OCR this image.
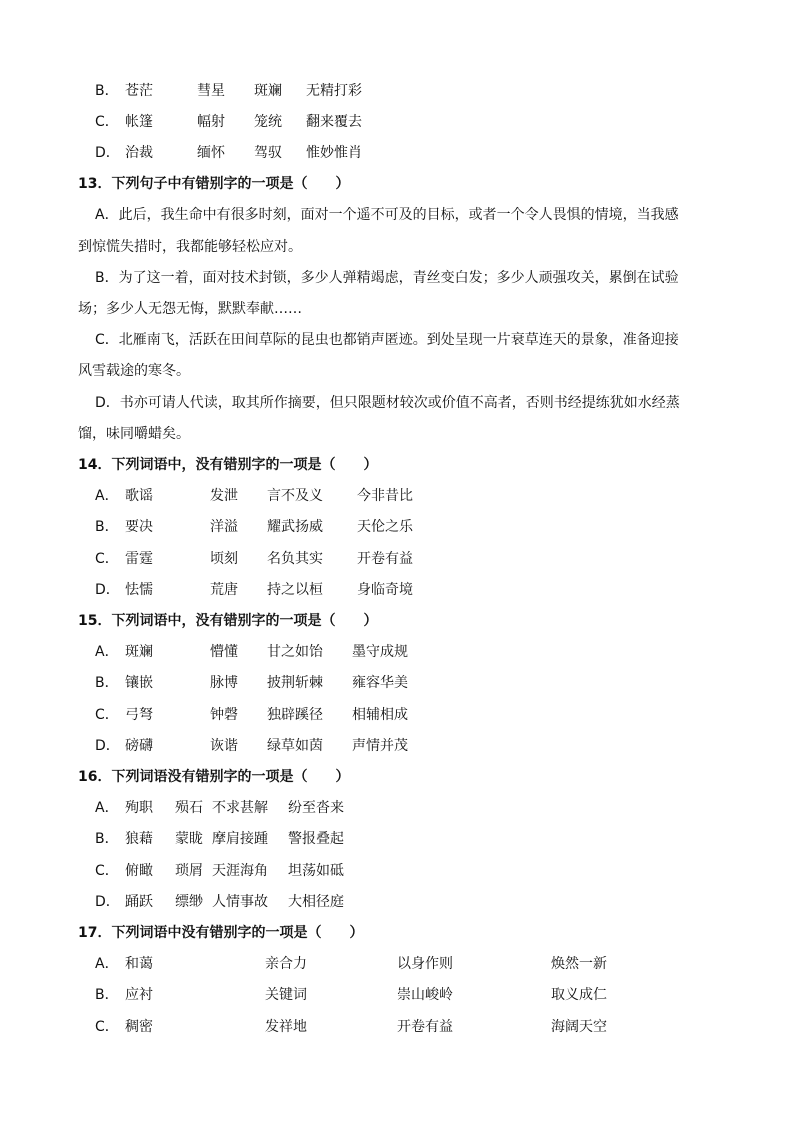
B． 苍茫	彗星 斑斓 无精打彩
C． 帐篷	幅射 笼统 翻来覆去
D． 治裁	缅怀 驾驭 惟妙惟肖
13．下列句子中有错别字的一项是（　　）
A．此后，我生命中有很多时刻，面对一个遥不可及的目标，或者一个令人畏惧的情境，当我感
到惊慌失措时，我都能够轻松应对。
B．为了这一着，面对技术封锁，多少人弹精竭虑，青丝变白发；多少人顽强攻关，累倒在试验
场；多少人无怨无悔，默默奉献……
C．北雁南飞，活跃在田间草际的昆虫也都销声匿迹。到处呈现一片衰草连天的景象，准备迎接
风雪载途的寒冬。
D．书亦可请人代读，取其所作摘要，但只限题材较次或价值不高者，否则书经提练犹如水经蒸
馏，味同嚼蜡矣。
14．下列词语中，没有错别字的一项是（　　）
A． 歌谣	发泄 言不及义 今非昔比
B． 要决	洋溢 耀武扬威 天伦之乐
C． 雷霆	顷刻 名负其实 开卷有益
D． 怯懦	荒唐 持之以桓 身临奇境
15．下列词语中，没有错别字的一项是（　　）
A． 斑斓	懵懂 甘之如饴 墨守成规
B． 镶嵌	脉博 披荆斩棘 雍容华美
C． 弓弩	钟磬 独辟蹊径 相辅相成
D． 磅礴	诙谐 绿草如茵 声情并茂
16．下列词语没有错别字的一项是（　　）
A． 殉职 殒石 不求甚解 纷至沓来
B． 狼藉 蒙眬 摩肩接踵 警报叠起
C． 俯瞰 琐屑 天涯海角 坦荡如砥
D． 踊跃 缥缈 人情事故 大相径庭
17．下列词语中没有错别字的一项是（　　）
A． 和蔼	亲合力	以身作则	焕然一新
B． 应衬	关键词	崇山峻岭	取义成仁
C． 稠密	发祥地	开卷有益	海阔天空
